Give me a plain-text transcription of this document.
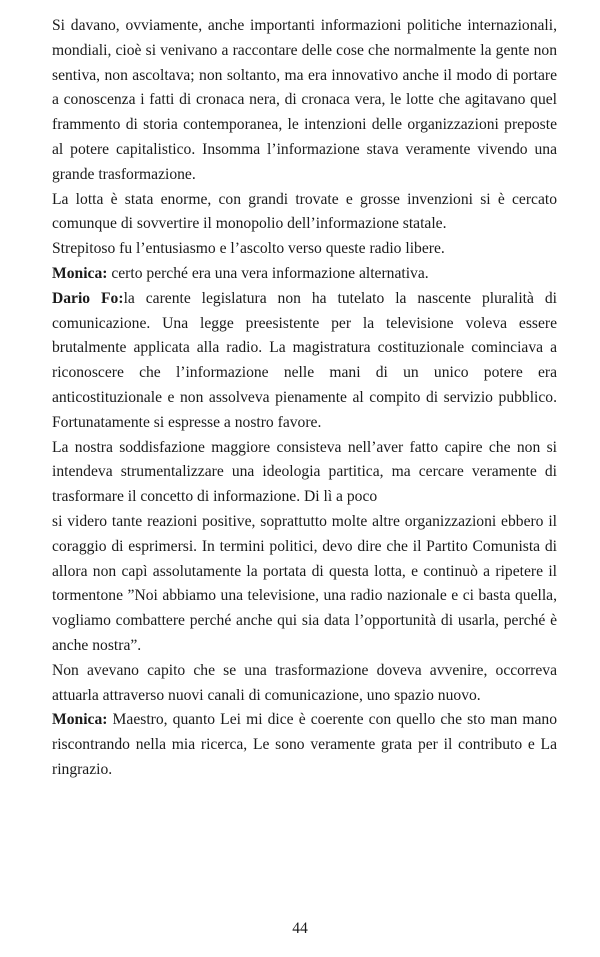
Si davano, ovviamente, anche importanti informazioni politiche internazionali, mondiali, cioè si venivano a raccontare delle cose che normalmente la gente non sentiva, non ascoltava; non soltanto, ma era innovativo anche il modo di portare a conoscenza i fatti di cronaca nera, di cronaca vera, le lotte che agitavano quel frammento di storia contemporanea, le intenzioni delle organizzazioni preposte al potere capitalistico. Insomma l’informazione stava veramente vivendo una grande trasformazione.

La lotta è stata enorme, con grandi trovate e grosse invenzioni si è cercato comunque di sovvertire il monopolio dell’informazione statale.

Strepitoso fu l’entusiasmo e l’ascolto verso queste radio libere.

Monica: certo perché era una vera informazione alternativa.

Dario Fo:la carente legislatura non ha tutelato la nascente pluralità di comunicazione. Una legge preesistente per la televisione voleva essere brutalmente applicata alla radio. La magistratura costituzionale cominciava a riconoscere che l’informazione nelle mani di un unico potere era anticostituzionale e non assolveva pienamente al compito di servizio pubblico. Fortunatamente si espresse a nostro favore.

La nostra soddisfazione maggiore consisteva nell’aver fatto capire che non si intendeva strumentalizzare una ideologia partitica, ma cercare veramente di trasformare il concetto di informazione. Di lì a poco

si videro tante reazioni positive, soprattutto molte altre organizzazioni ebbero il coraggio di esprimersi. In termini politici, devo dire che il Partito Comunista di allora non capì assolutamente la portata di questa lotta, e continuò a ripetere il tormentone ”Noi abbiamo una televisione, una radio nazionale e ci basta quella, vogliamo combattere perché anche qui sia data l’opportunità di usarla, perché è anche nostra”.

Non avevano capito che se una trasformazione doveva avvenire, occorreva attuarla attraverso nuovi canali di comunicazione, uno spazio nuovo.

Monica: Maestro, quanto Lei mi dice è coerente con quello che sto man mano riscontrando nella mia ricerca, Le sono veramente grata per il contributo e La ringrazio.

44
